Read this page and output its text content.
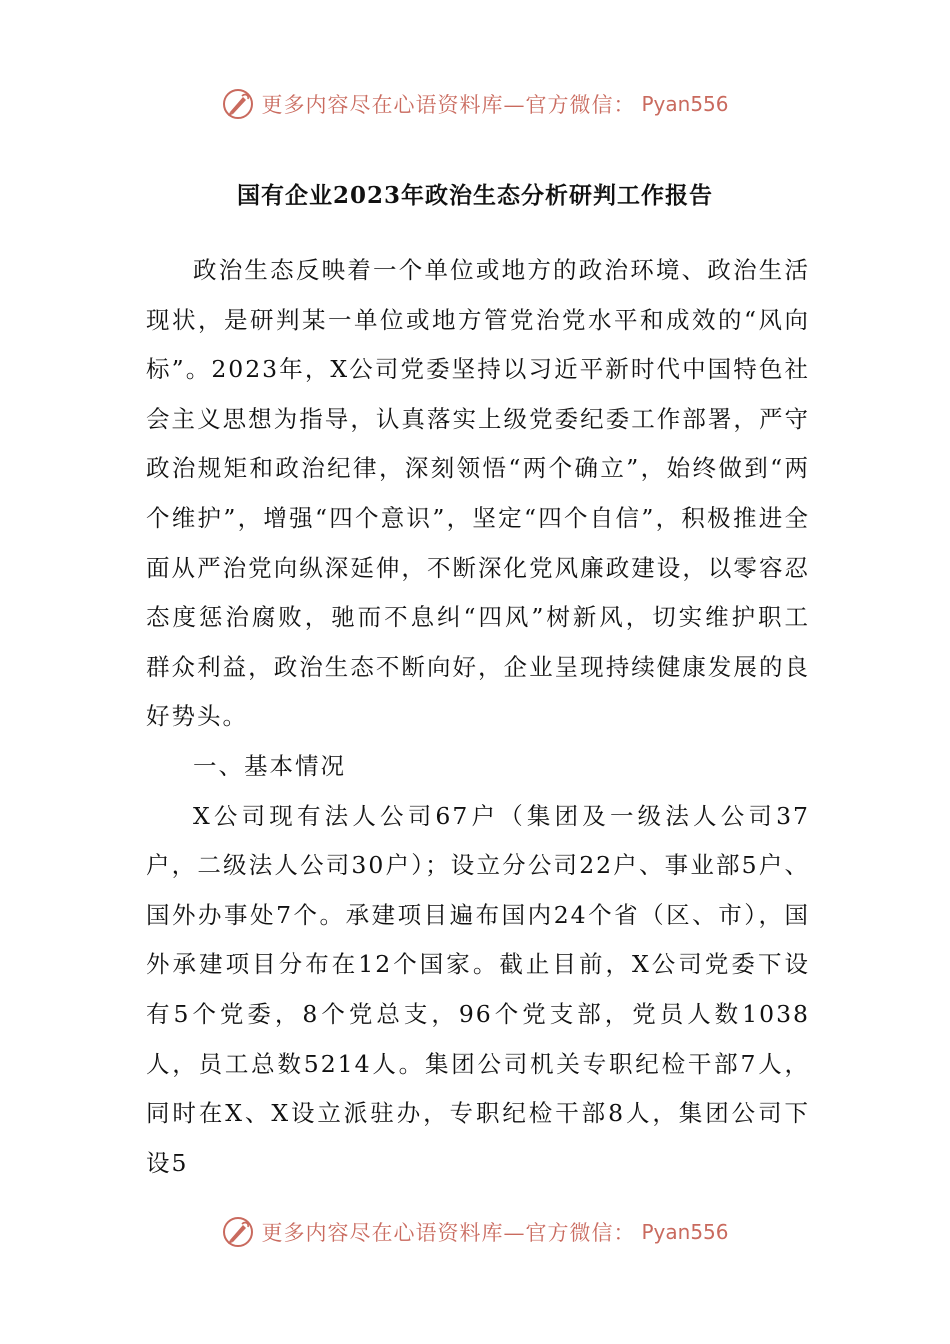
更多内容尽在心语资料库—官方微信： Pyan556
国有企业2023年政治生态分析研判工作报告

政治生态反映着一个单位或地方的政治环境、政治生活现状，是研判某一单位或地方管党治党水平和成效的“风向标”。2023年，X公司党委坚持以习近平新时代中国特色社会主义思想为指导，认真落实上级党委纪委工作部署，严守政治规矩和政治纪律，深刻领悟“两个确立”，始终做到“两个维护”，增强“四个意识”，坚定“四个自信”，积极推进全面从严治党向纵深延伸，不断深化党风廉政建设，以零容忍态度惩治腐败，驰而不息纠“四风”树新风，切实维护职工群众利益，政治生态不断向好，企业呈现持续健康发展的良好势头。

一、基本情况

X公司现有法人公司67户（集团及一级法人公司37户，二级法人公司30户）；设立分公司22户、事业部5户、国外办事处7个。承建项目遍布国内24个省（区、市），国外承建项目分布在12个国家。截止目前，X公司党委下设有5个党委，8个党总支，96个党支部，党员人数1038人，员工总数5214人。集团公司机关专职纪检干部7人，同时在X、X设立派驻办，专职纪检干部8人，集团公司下设5

更多内容尽在心语资料库—官方微信： Pyan556
